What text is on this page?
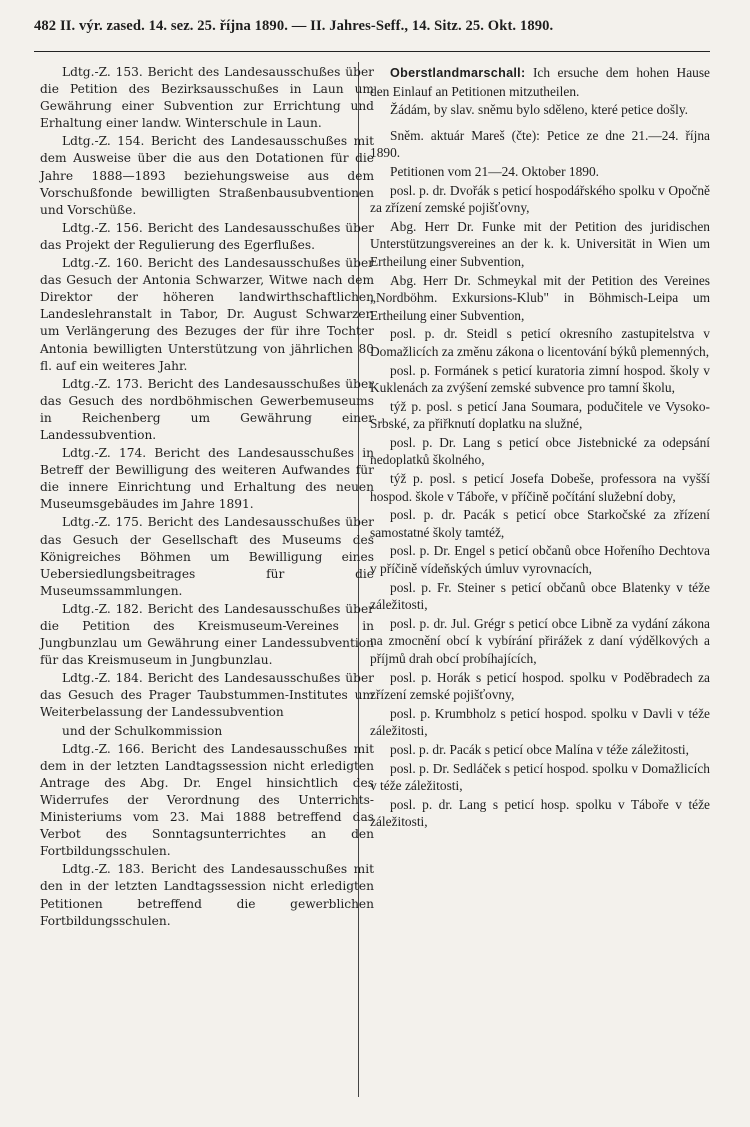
482 II. výr. zased. 14. sez. 25. října 1890. — II. Jahres-Seff., 14. Sitz. 25. Okt. 1890.

Ldtg.-Z. 153. Bericht des Landesausschußes über die Petition des Bezirksausschußes in Laun um Gewährung einer Subvention zur Errichtung und Erhaltung einer landw. Winterschule in Laun.

Ldtg.-Z. 154. Bericht des Landesausschußes mit dem Ausweise über die aus den Dotationen für die Jahre 1888—1893 beziehungsweise aus dem Vorschußfonde bewilligten Straßenbausubventionen und Vorschüße.

Ldtg.-Z. 156. Bericht des Landesausschußes über das Projekt der Regulierung des Egerflußes.

Ldtg.-Z. 160. Bericht des Landesausschußes über das Gesuch der Antonia Schwarzer, Witwe nach dem Direktor der höheren landwirthschaftlichen Landeslehranstalt in Tabor, Dr. August Schwarzer, um Verlängerung des Bezuges der für ihre Tochter Antonia bewilligten Unterstützung von jährlichen 80 fl. auf ein weiteres Jahr.

Ldtg.-Z. 173. Bericht des Landesausschußes über das Gesuch des nordböhmischen Gewerbemuseums in Reichenberg um Gewährung einer Landessubvention.

Ldtg.-Z. 174. Bericht des Landesausschußes in Betreff der Bewilligung des weiteren Aufwandes für die innere Einrichtung und Erhaltung des neuen Museumsgebäudes im Jahre 1891.

Ldtg.-Z. 175. Bericht des Landesausschußes über das Gesuch der Gesellschaft des Museums des Königreiches Böhmen um Bewilligung eines Uebersiedlungsbeitrages für die Museumssammlungen.

Ldtg.-Z. 182. Bericht des Landesausschußes über die Petition des Kreismuseum-Vereines in Jungbunzlau um Gewährung einer Landessubvention für das Kreismuseum in Jungbunzlau.

Ldtg.-Z. 184. Bericht des Landesausschußes über das Gesuch des Prager Taubstummen-Institutes um Weiterbelassung der Landessubvention

und der Schulkommission

Ldtg.-Z. 166. Bericht des Landesausschußes mit dem in der letzten Landtagssession nicht erledigten Antrage des Abg. Dr. Engel hinsichtlich des Widerrufes der Verordnung des Unterrichts-Ministeriums vom 23. Mai 1888 betreffend das Verbot des Sonntagsunterrichtes an den Fortbildungsschulen.

Ldtg.-Z. 183. Bericht des Landesausschußes mit den in der letzten Landtagssession nicht erledigten Petitionen betreffend die gewerblichen Fortbildungsschulen.

Oberstlandmarschall: Ich ersuche dem hohen Hause den Einlauf an Petitionen mitzutheilen.

Žádám, by slav. sněmu bylo sděleno, které petice došly.

Sněm. aktuár Mareš (čte): Petice ze dne 21.—24. října 1890.

Petitionen vom 21—24. Oktober 1890.

posl. p. dr. Dvořák s peticí hospodářského spolku v Opočně za zřízení zemské pojišťovny,

Abg. Herr Dr. Funke mit der Petition des juridischen Unterstützungsvereines an der k. k. Universität in Wien um Ertheilung einer Subvention,

Abg. Herr Dr. Schmeykal mit der Petition des Vereines „Nordböhm. Exkursions-Klub" in Böhmisch-Leipa um Ertheilung einer Subvention,

posl. p. dr. Steidl s peticí okresního zastupitelstva v Domažlicích za změnu zákona o licentování býků plemenných,

posl. p. Formánek s peticí kuratoria zimní hospod. školy v Kuklenách za zvýšení zemské subvence pro tamní školu,

týž p. posl. s peticí Jana Soumara, podučitele ve Vysoko-Srbské, za přiřknutí doplatku na služné,

posl. p. Dr. Lang s peticí obce Jistebnické za odepsání nedoplatků školného,

týž p. posl. s peticí Josefa Dobeše, professora na vyšší hospod. škole v Táboře, v příčině počítání služební doby,

posl. p. dr. Pacák s peticí obce Starkočské za zřízení samostatné školy tamtéž,

posl. p. Dr. Engel s peticí občanů obce Hořeního Dechtova v příčině vídeňských úmluv vyrovnacích,

posl. p. Fr. Steiner s peticí občanů obce Blatenky v téže záležitosti,

posl. p. dr. Jul. Grégr s peticí obce Libně za vydání zákona na zmocnění obcí k vybírání přirážek z daní výdělkových a příjmů drah obcí probíhajících,

posl. p. Horák s peticí hospod. spolku v Poděbradech za zřízení zemské pojišťovny,

posl. p. Krumbholz s peticí hospod. spolku v Davli v téže záležitosti,

posl. p. dr. Pacák s peticí obce Malína v téže záležitosti,

posl. p. Dr. Sedláček s peticí hospod. spolku v Domažlicích v téže záležitosti,

posl. p. dr. Lang s peticí hosp. spolku v Táboře v téže záležitosti,
